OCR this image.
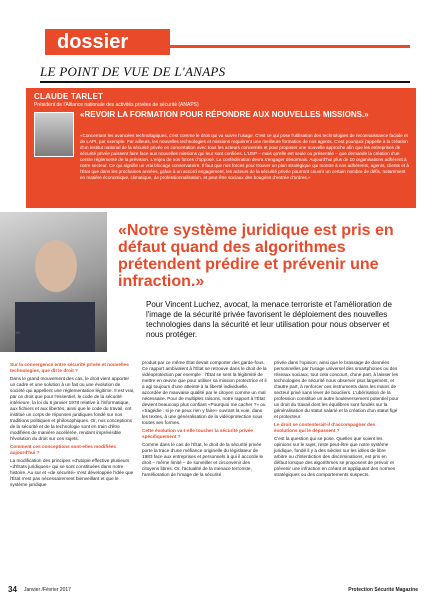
dossier
LE POINT DE VUE DE L'ANAPS
CLAUDE TARLET
Président de l'Alliance nationale des activités privées de sécurité (ANAPS)
«REVOIR LA FORMATION POUR RÉPONDRE AUX NOUVELLES MISSIONS.»
«Concernant les avancées technologiques, c'est comme le droit qui va suivre l'usage. C'est ce qui pose l'utilisation des technologies de reconnaissance faciale et de LAPI, par exemple. Par ailleurs, les nouvelles technologies et missions requièrent une meilleure formation de nos agents. C'est pourquoi j'appelle à la création d'un institut national de la sécurité privée en concertation avec tous les acteurs concernés et pour proposer une nouvelle approche afin que les entreprises de sécurité privée puissent faire face aux nouvelles missions qui leur sont confiées. L'USP – mais qu'elle est seule ou présentée – que demande la création d'un centre réglementé de la prévision. L'enjeu de nos forces d'opposé. La confédération devra s'engager désormais. Aujourd'hui plus de 10 organisations adhèrent à notre secteur. Ce qui signifie un vrai blocage conservatoire. Il faut que nos forces pour trouver un plan stratégique qui montre à nos adhérents, agents, clients et à l'État que dans les prochaines années, grâce à un accord engagement, les acteurs de la sécurité privée pourront couvrir un certain nombre de défis, notamment en matière économique, climatique, de professionnalisation, et peut-être sociaux des bougées d'entrée d'ordres.»
«Notre système juridique est pris en défaut quand des algorithmes prétendent prédire et prévenir une infraction.»
Pour Vincent Luchez, avocat, la menace terroriste et l'amélioration de l'image de la sécurité privée favorisent le déploiement des nouvelles technologies dans la sécurité et leur utilisation pour nous observer et nous protéger.
© DR
Sur la convergence entre sécurité privée et nouvelles technologies, que dit le droit ?
Dans le grand mouvement des cas, le droit vient apporter un cadre et une solution à un fait ou une évolution de société qui appellent une réglementation légitime. Il est vrai, par ce droit que pour l'essentiel, le code de la sécurité intérieure, la loi du 6 janvier 1978 relative à l'informatique, aux fichiers et aux libertés, ainsi que le code du travail, ont institué un corps de réponses juridiques fondé sur nos traditions politiques et philosophiques. Or, nos conceptions de la sécurité et de la technologie sont en train d'être modifiées de manière accélérée, rendant imprévisible l'évolution du droit sur ces sujets.
Comment ces conceptions sont-elles modifiées aujourd'hui ?
La modification des principes «d'utopie effective plusieurs «d'États juridiques» qui se sont constituées dans notre histoire. Au sur et «de sécurité» s'est développée l'idée que l'État n'est pas nécessairement bienveillant et que le système juridique
produit par ce même État devait comporter des garde-fous. Ce rapport ambivalent à l'État se retrouve dans le droit de la vidéoprotection par exemple : l'État se sent la légitimité de mettre en œuvre que pour utiliser sa mission protectrice et il a agi toujours d'une atteinte à la liberté individuelle, accordée de mauvaise qualité par le citoyen comme un mal nécessaire. Pour de multiples raisons, notre rapport à l'État devient beaucoup plus confiant «Pourquoi me cacher ?» ou «tragédie : si je ne peux rien y faire» ouvrant la voie, dans les textes, à une généralisation de la vidéoprotection sous toutes ses formes.
Cette évolution va-t-elle toucher la sécurité privée spécifiquement ?
Comme dans le cas de l'État, le droit de la sécurité privée porte la trace d'une méfiance originelle du législateur de 1983 face aux entreprises et personnels à qui il accorde le droit – même limité – de surveiller et circonvenir des citoyens libres. Or, l'actualité de la menace terroriste, l'amélioration de l'image de la sécurité
privée dans l'opinion, ainsi que le brassage de données personnelles par l'usage universel des smartphones ou des réseaux sociaux, tout cela concourt, d'une part, à laisser les technologies de sécurité nous observer plus largement, et d'autre part, à renforcer ces instruments dans les mains de secteur privé sans lever de boucliers. L'ubérisation de la profession constitue un autre bouleversement potentiel pour un droit du travail dont les équilibres sont fondés sur la généralisation du statut salarié et la création d'un statut figé et protecteur.
Le droit se contenterait-il d'accompagner des évolutions qui le dépassent ?
C'est la question qui se pose. Quelles que soient les opinions sur le sujet, reste peut-être que notre système juridique, fondé il y a des siècles sur les idées de libre arbitre ou d'interdiction des discriminations, est pris en défaut lorsque des algorithmes se proposent de prévoir et prévenir une infraction en créant et appliquant des normes stratégiques ou des comportements suspects.
34 Janvier /Février 2017	Protection Sécurité Magazine
